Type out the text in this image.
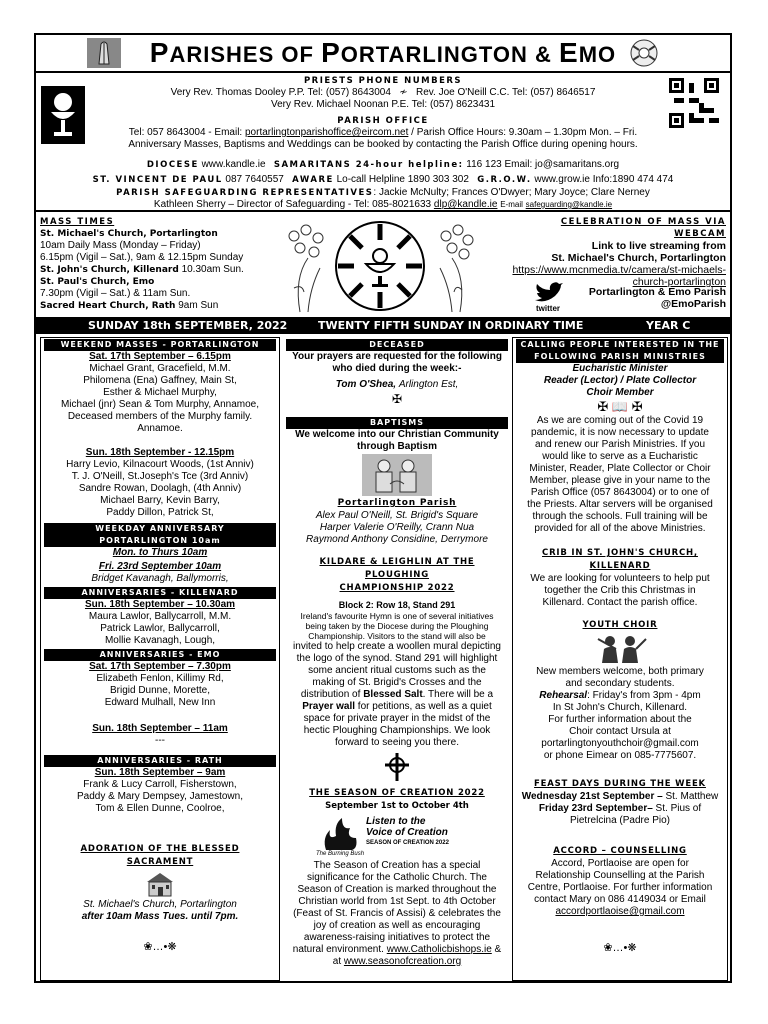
PARISHES OF PORTARLINGTON & EMO
PRIESTS PHONE NUMBERS
Very Rev. Thomas Dooley P.P. Tel: (057) 8643004 ≁ Rev. Joe O'Neill C.C. Tel: (057) 8646517
Very Rev. Michael Noonan P.E. Tel: (057) 8623431
PARISH OFFICE
Tel: 057 8643004 - Email: portarlingtonparishoffice@eircom.net / Parish Office Hours: 9.30am – 1.30pm Mon. – Fri.
Anniversary Masses, Baptisms and Weddings can be booked by contacting the Parish Office during opening hours.
DIOCESE www.kandle.ie SAMARITANS 24-hour helpline: 116 123 Email: jo@samaritans.org
ST. VINCENT DE PAUL 087 7640557 AWARE Lo-call Helpline 1890 303 302 G.R.O.W. www.grow.ie Info:1890 474 474
PARISH SAFEGUARDING REPRESENTATIVES: Jackie McNulty; Frances O'Dwyer; Mary Joyce; Clare Nerney
Kathleen Sherry – Director of Safeguarding - Tel: 085-8021633 dlp@kandle.ie E-mail safeguarding@kandle.ie
MASS TIMES
St. Michael's Church, Portarlington
10am Daily Mass (Monday – Friday)
6.15pm (Vigil – Sat.), 9am & 12.15pm Sunday
St. John's Church, Killenard 10.30am Sun.
St. Paul's Church, Emo
7.30pm (Vigil – Sat.) & 11am Sun.
Sacred Heart Church, Rath 9am Sun
CELEBRATION OF MASS VIA WEBCAM
Link to live streaming from
St. Michael's Church, Portarlington
https://www.mcnmedia.tv/camera/st-michaels-
church-portarlington
twitter
Portarlington & Emo Parish
@EmoParish
SUNDAY 18th SEPTEMBER, 2022	TWENTY FIFTH SUNDAY IN ORDINARY TIME	YEAR C
WEEKEND MASSES - PORTARLINGTON
Sat. 17th September – 6.15pm
Michael Grant, Gracefield, M.M.
Philomena (Ena) Gaffney, Main St,
Esther & Michael Murphy,
Michael (jnr) Sean & Tom Murphy, Annamoe,
Deceased members of the Murphy family.
Annamoe.
Sun. 18th September - 12.15pm
Harry Levio, Kilnacourt Woods, (1st Anniv)
T. J. O'Neill, St.Joseph's Tce (3rd Anniv)
Sandre Rowan, Doolagh, (4th Anniv)
Michael Barry, Kevin Barry,
Paddy Dillon, Patrick St,
WEEKDAY ANNIVERSARY
PORTARLINGTON 10am
Mon. to Thurs 10am
Fri. 23rd September 10am
Bridget Kavanagh, Ballymorris,
ANNIVERSARIES - KILLENARD
Sun. 18th September – 10.30am
Maura Lawlor, Ballycarroll, M.M.
Patrick Lawlor, Ballycarroll,
Mollie Kavanagh, Lough,
ANNIVERSARIES - EMO
Sat. 17th September – 7.30pm
Elizabeth Fenlon, Killimy Rd,
Brigid Dunne, Morette,
Edward Mulhall, New Inn
Sun. 18th September – 11am
---
ANNIVERSARIES - RATH
Sun. 18th September – 9am
Frank & Lucy Carroll, Fisherstown,
Paddy & Mary Dempsey, Jamestown,
Tom & Ellen Dunne, Coolroe,
ADORATION OF THE BLESSED
SACRAMENT
St. Michael's Church, Portarlington
after 10am Mass Tues. until 7pm.
❀…•❋
DECEASED
Your prayers are requested for the following
who died during the week:-
Tom O'Shea, Arlington Est,
✠
BAPTISMS
We welcome into our Christian Community
through Baptism
Portarlington Parish
Alex Paul O'Neill, St. Brigid's Square
Harper Valerie O'Reilly, Crann Nua
Raymond Anthony Considine, Derrymore
KILDARE & LEIGHLIN AT THE PLOUGHING
CHAMPIONSHIP 2022
Block 2: Row 18, Stand 291
Ireland's favourite Hymn is one of several initiatives
being taken by the Diocese during the Ploughing
Championship. Visitors to the stand will also be
invited to help create a woollen mural depicting
the logo of the synod. Stand 291 will highlight
some ancient ritual customs such as the
making of St. Brigid's Crosses and the
distribution of Blessed Salt. There will be a
Prayer wall for petitions, as well as a quiet
space for private prayer in the midst of the
hectic Ploughing Championships. We look
forward to seeing you there.
THE SEASON OF CREATION 2022
September 1st to October 4th
Listen to the
Voice of Creation
SEASON OF CREATION 2022
The Burning Bush
The Season of Creation has a special
significance for the Catholic Church. The
Season of Creation is marked throughout the
Christian world from 1st Sept. to 4th October
(Feast of St. Francis of Assisi) & celebrates the
joy of creation as well as encouraging
awareness-raising initiatives to protect the
natural environment. www.Catholicbishops.ie &
at www.seasonofcreation.org
CALLING PEOPLE INTERESTED IN THE
FOLLOWING PARISH MINISTRIES
Eucharistic Minister
Reader (Lector) / Plate Collector
Choir Member
✠ 📖 ✠
As we are coming out of the Covid 19
pandemic, it is now necessary to update
and renew our Parish Ministries. If you
would like to serve as a Eucharistic
Minister, Reader, Plate Collector or Choir
Member, please give in your name to the
Parish Office (057 8643004) or to one of
the Priests. Altar servers will be organised
through the schools. Full training will be
provided for all of the above Ministries.
CRIB IN ST. JOHN'S CHURCH,
KILLENARD
We are looking for volunteers to help put
together the Crib this Christmas in
Killenard. Contact the parish office.
YOUTH CHOIR
New members welcome, both primary
and secondary students.
Rehearsal: Friday's from 3pm - 4pm
In St John's Church, Killenard.
For further information about the
Choir contact Ursula at
portarlingtonyouthchoir@gmail.com
or phone Eimear on 085-7775607.
FEAST DAYS DURING THE WEEK
Wednesday 21st September – St. Matthew
Friday 23rd September– St. Pius of
Pietrelcina (Padre Pio)
ACCORD – COUNSELLING
Accord, Portlaoise are open for
Relationship Counselling at the Parish
Centre, Portlaoise. For further information
contact Mary on 086 4149034 or Email
accordportlaoise@gmail.com
❀…•❋
